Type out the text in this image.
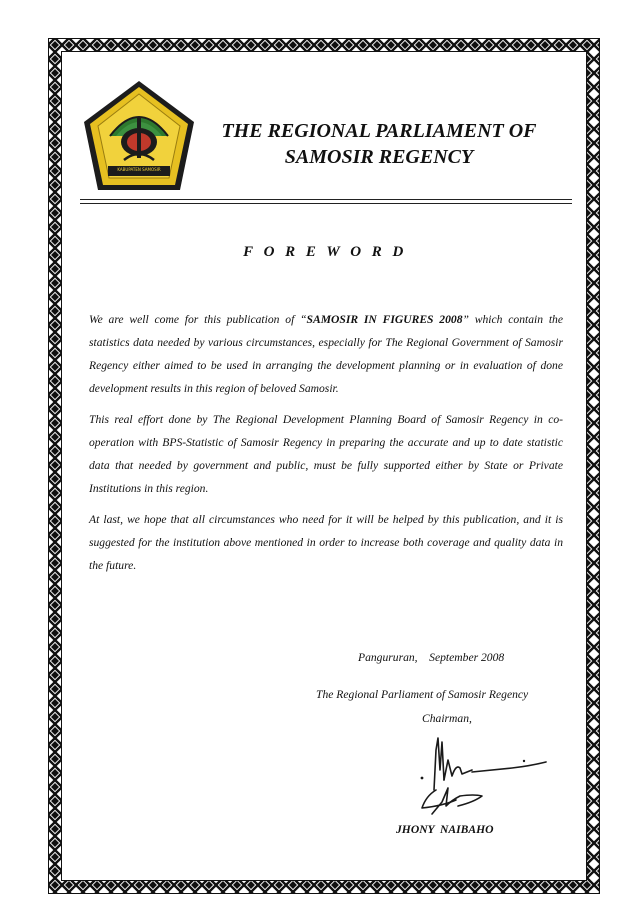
KABUPATEN SAMOSIR
THE REGIONAL PARLIAMENT OF
SAMOSIR REGENCY
F O R E W O R D

We are well come for this publication of “SAMOSIR IN FIGURES 2008” which contain the statistics data needed by various circumstances, especially for The Regional Government of Samosir Regency either aimed to be used in arranging the development planning or in evaluation of done development results in this region of beloved Samosir.

This real effort done by The Regional Development Planning Board of Samosir Regency in co-operation with BPS-Statistic of Samosir Regency in preparing the accurate and up to date statistic data that needed by government and public, must be fully supported either by State or Private Institutions in this region.

At last, we hope that all circumstances who need for it will be helped by this publication, and it is suggested for the institution above mentioned in order to increase both coverage and quality data in the future.

Pangururan,    September 2008
The Regional Parliament of Samosir Regency
Chairman,
JHONY  NAIBAHO
